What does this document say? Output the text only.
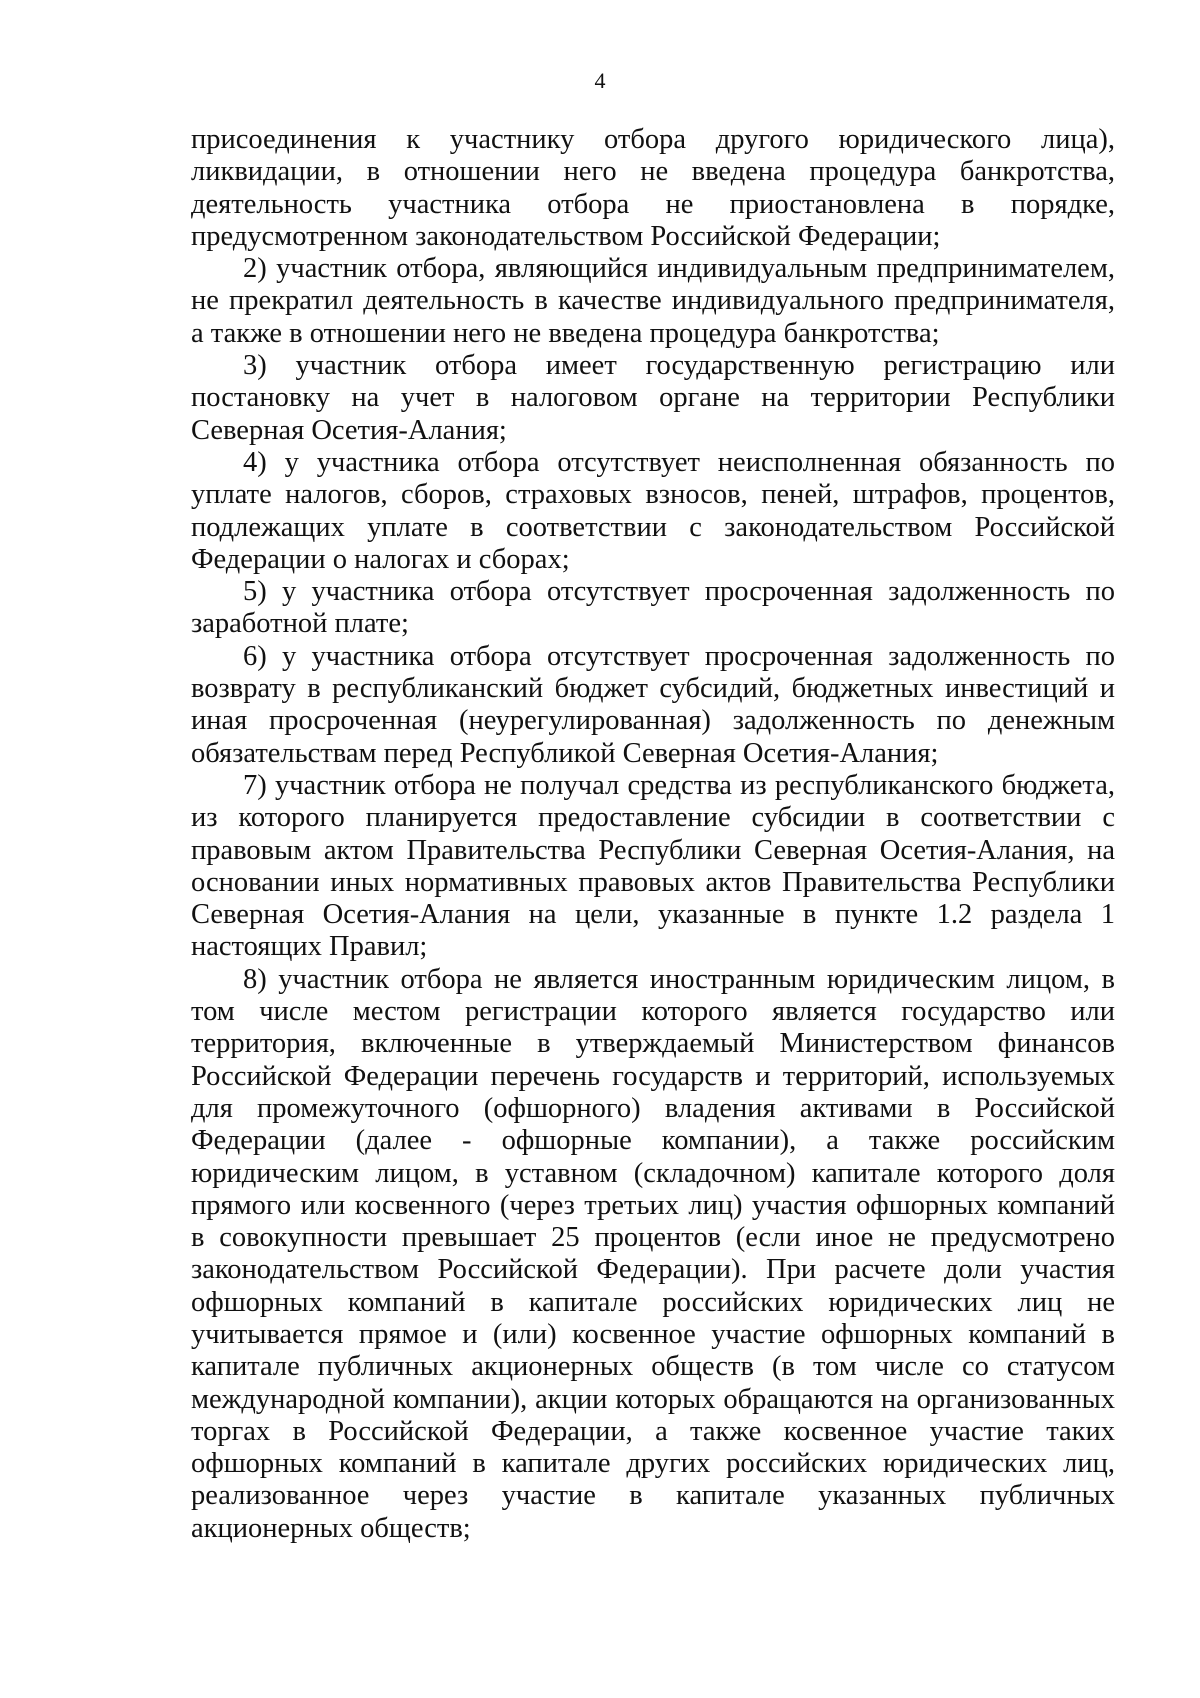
4

присоединения к участнику отбора другого юридического лица), ликвидации, в отношении него не введена процедура банкротства, деятельность участника отбора не приостановлена в порядке, предусмотренном законодательством Российской Федерации;

2) участник отбора, являющийся индивидуальным предпринимателем, не прекратил деятельность в качестве индивидуального предпринимателя, а также в отношении него не введена процедура банкротства;

3) участник отбора имеет государственную регистрацию или постановку на учет в налоговом органе на территории Республики Северная Осетия-Алания;

4) у участника отбора отсутствует неисполненная обязанность по уплате налогов, сборов, страховых взносов, пеней, штрафов, процентов, подлежащих уплате в соответствии с законодательством Российской Федерации о налогах и сборах;

5) у участника отбора отсутствует просроченная задолженность по заработной плате;

6) у участника отбора отсутствует просроченная задолженность по возврату в республиканский бюджет субсидий, бюджетных инвестиций и иная просроченная (неурегулированная) задолженность по денежным обязательствам перед Республикой Северная Осетия-Алания;

7) участник отбора не получал средства из республиканского бюджета, из которого планируется предоставление субсидии в соответствии с правовым актом Правительства Республики Северная Осетия-Алания, на основании иных нормативных правовых актов Правительства Республики Северная Осетия-Алания на цели, указанные в пункте 1.2 раздела 1 настоящих Правил;

8) участник отбора не является иностранным юридическим лицом, в том числе местом регистрации которого является государство или территория, включенные в утверждаемый Министерством финансов Российской Федерации перечень государств и территорий, используемых для промежуточного (офшорного) владения активами в Российской Федерации (далее - офшорные компании), а также российским юридическим лицом, в уставном (складочном) капитале которого доля прямого или косвенного (через третьих лиц) участия офшорных компаний в совокупности превышает 25 процентов (если иное не предусмотрено законодательством Российской Федерации). При расчете доли участия офшорных компаний в капитале российских юридических лиц не учитывается прямое и (или) косвенное участие офшорных компаний в капитале публичных акционерных обществ (в том числе со статусом международной компании), акции которых обращаются на организованных торгах в Российской Федерации, а также косвенное участие таких офшорных компаний в капитале других российских юридических лиц, реализованное через участие в капитале указанных публичных акционерных обществ;
